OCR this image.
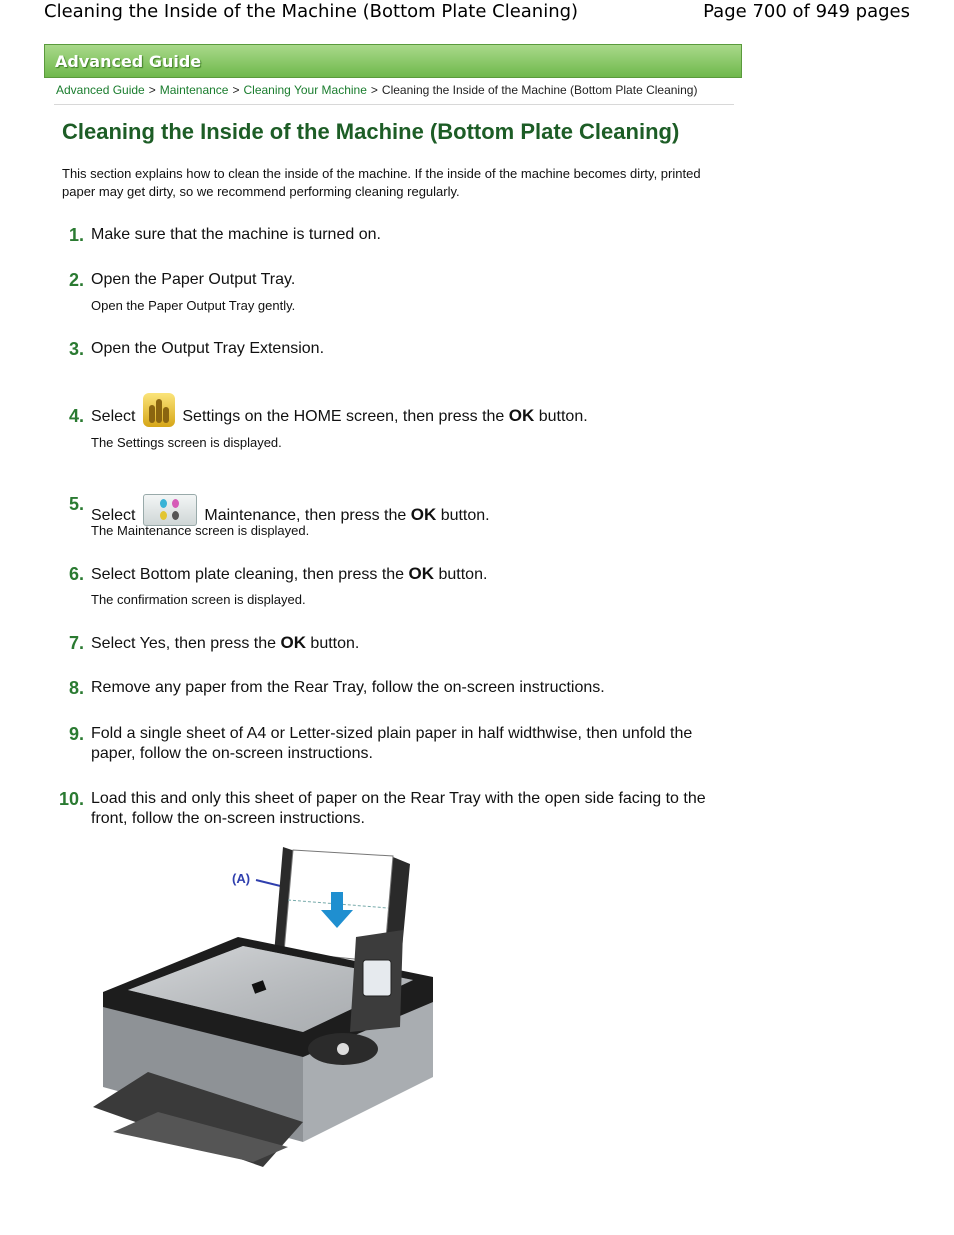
Cleaning the Inside of the Machine (Bottom Plate Cleaning)	Page 700 of 949 pages
Advanced Guide
Advanced Guide > Maintenance > Cleaning Your Machine > Cleaning the Inside of the Machine (Bottom Plate Cleaning)
Cleaning the Inside of the Machine (Bottom Plate Cleaning)
This section explains how to clean the inside of the machine. If the inside of the machine becomes dirty, printed paper may get dirty, so we recommend performing cleaning regularly.
1. Make sure that the machine is turned on.
2. Open the Paper Output Tray.
Open the Paper Output Tray gently.
3. Open the Output Tray Extension.
4. Select	Settings on the HOME screen, then press the OK button.
The Settings screen is displayed.
5.
Select	Maintenance, then press the OK button.
The Maintenance screen is displayed.
6. Select Bottom plate cleaning, then press the OK button.
The confirmation screen is displayed.
7. Select Yes, then press the OK button.
8. Remove any paper from the Rear Tray, follow the on-screen instructions.
9. Fold a single sheet of A4 or Letter-sized plain paper in half widthwise, then unfold the paper, follow the on-screen instructions.
10. Load this and only this sheet of paper on the Rear Tray with the open side facing to the front, follow the on-screen instructions.
(A)
